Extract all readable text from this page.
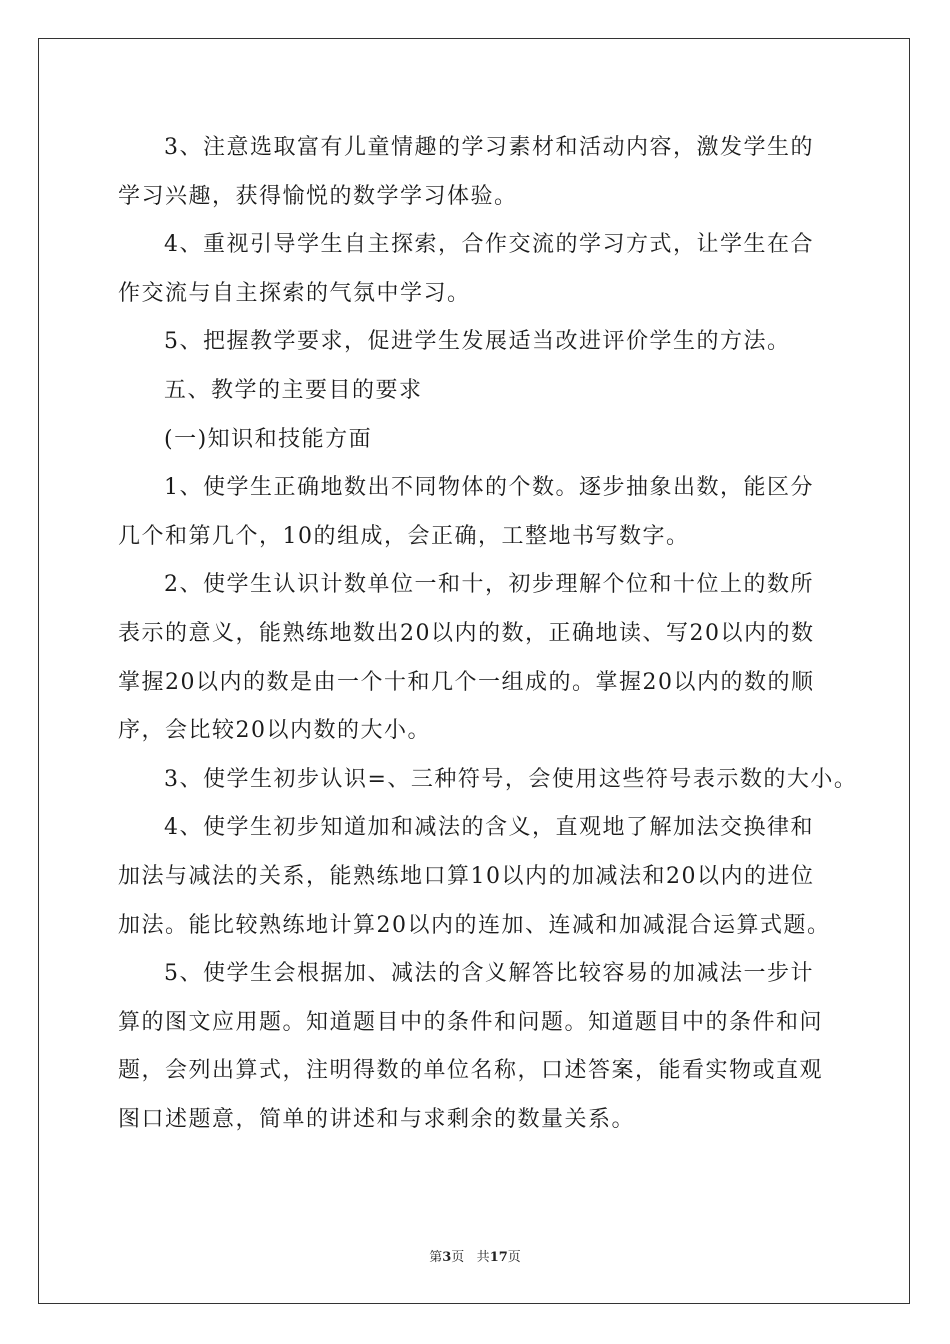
3、注意选取富有儿童情趣的学习素材和活动内容，激发学生的
学习兴趣，获得愉悦的数学学习体验。
4、重视引导学生自主探索，合作交流的学习方式，让学生在合
作交流与自主探索的气氛中学习。
5、把握教学要求，促进学生发展适当改进评价学生的方法。
五、教学的主要目的要求
(一)知识和技能方面
1、使学生正确地数出不同物体的个数。逐步抽象出数，能区分
几个和第几个，10的组成，会正确，工整地书写数字。
2、使学生认识计数单位一和十，初步理解个位和十位上的数所
表示的意义，能熟练地数出20以内的数，正确地读、写20以内的数
掌握20以内的数是由一个十和几个一组成的。掌握20以内的数的顺
序，会比较20以内数的大小。
3、使学生初步认识=、三种符号，会使用这些符号表示数的大小。
4、使学生初步知道加和减法的含义，直观地了解加法交换律和
加法与减法的关系，能熟练地口算10以内的加减法和20以内的进位
加法。能比较熟练地计算20以内的连加、连减和加减混合运算式题。
5、使学生会根据加、减法的含义解答比较容易的加减法一步计
算的图文应用题。知道题目中的条件和问题。知道题目中的条件和问
题，会列出算式，注明得数的单位名称，口述答案，能看实物或直观
图口述题意，简单的讲述和与求剩余的数量关系。
第3页 共17页
